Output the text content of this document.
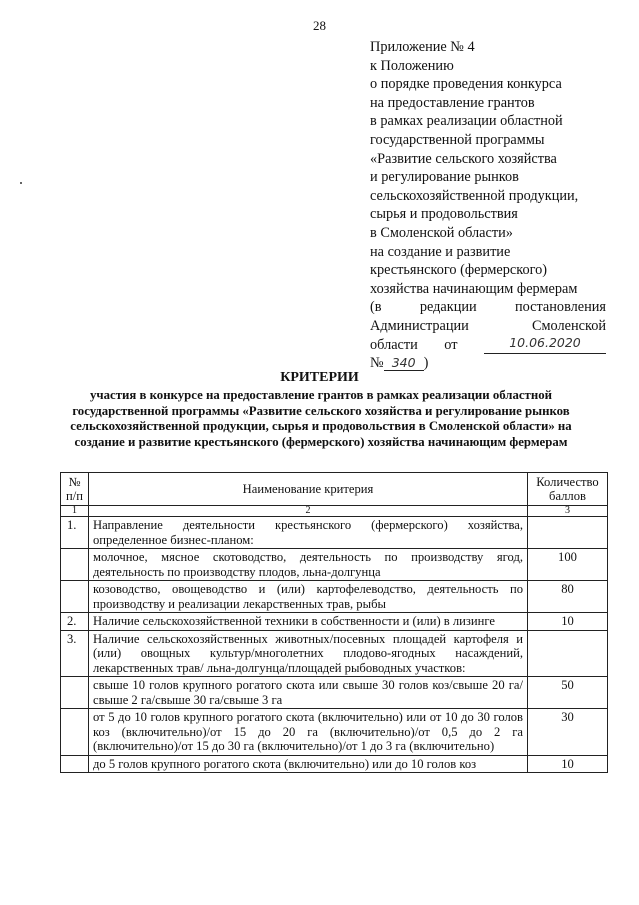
28
Приложение № 4
к Положению
о порядке проведения конкурса
на предоставление грантов
в рамках реализации областной
государственной программы
«Развитие сельского хозяйства
и регулирование рынков
сельскохозяйственной продукции,
сырья и продовольствия
в Смоленской области»
на создание и развитие
крестьянского (фермерского)
хозяйства начинающим фермерам
(в	редакции	постановления
Администрации	Смоленской
области от	10.06.2020
№ 340 )
КРИТЕРИИ
участия в конкурсе на предоставление грантов в рамках реализации областной государственной программы «Развитие сельского хозяйства и регулирование рынков сельскохозяйственной продукции, сырья и продовольствия в Смоленской области» на создание и развитие крестьянского (фермерского) хозяйства начинающим фермерам
№ п/п	Наименование критерия	Количество баллов
1	2	3
1.	Направление деятельности крестьянского (фермерского) хозяйства, определенное бизнес-планом:	
	молочное, мясное скотоводство, деятельность по производству ягод, деятельность по производству плодов, льна-долгунца	100
	козоводство, овощеводство и (или) картофелеводство, деятельность по производству и реализации лекарственных трав, рыбы	80
2.	Наличие сельскохозяйственной техники в собственности и (или) в лизинге	10
3.	Наличие сельскохозяйственных животных/посевных площадей картофеля и (или) овощных культур/многолетних плодово-ягодных насаждений, лекарственных трав/ льна-долгунца/площадей рыбоводных участков:	
	свыше 10 голов крупного рогатого скота или свыше 30 голов коз/свыше 20 га/свыше 2 га/свыше 30 га/свыше 3 га	50
	от 5 до 10 голов крупного рогатого скота (включительно) или от 10 до 30 голов коз (включительно)/от 15 до 20 га (включительно)/от 0,5 до 2 га (включительно)/от 15 до 30 га (включительно)/от 1 до 3 га (включительно)	30
	до 5 голов крупного рогатого скота (включительно) или до 10 голов коз	10
